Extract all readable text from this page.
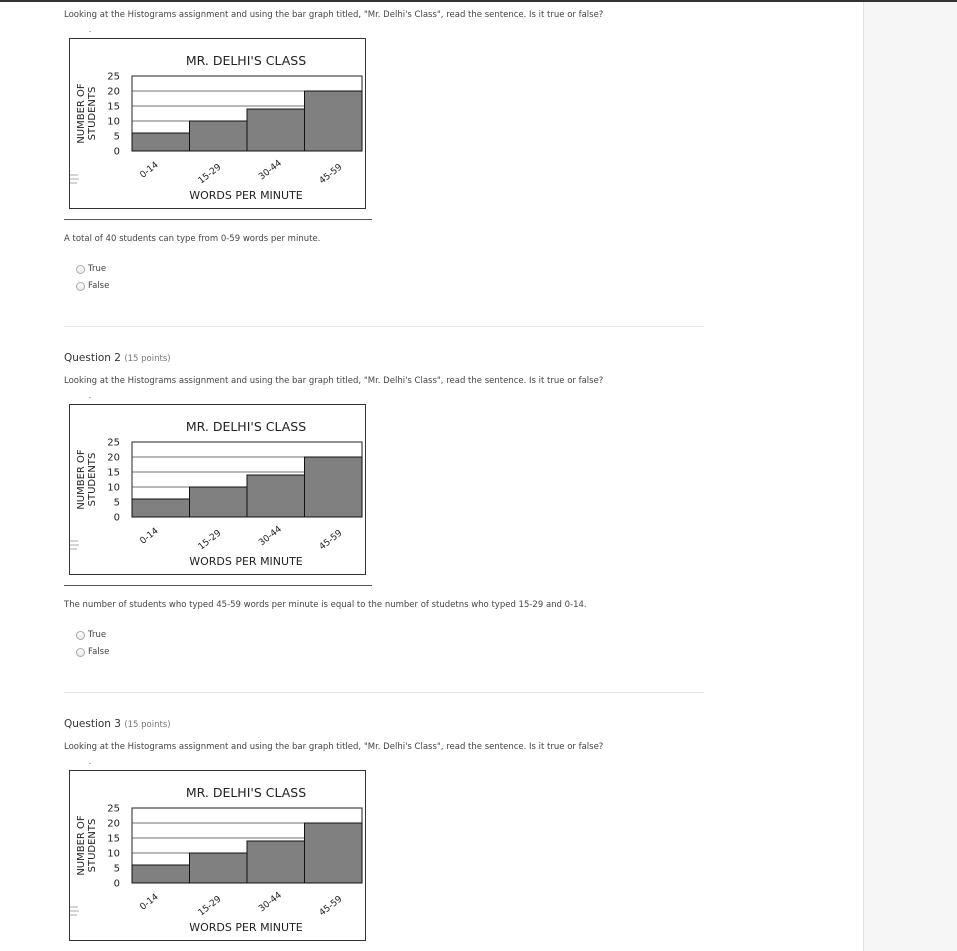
Looking at the Histograms assignment and using the bar graph titled, "Mr. Delhi's Class", read the sentence. Is it true or false?
MR. DELHI'S CLASS
25
20
15
10
5
0
NUMBER OF STUDENTS
0-14	15-29	30-44	45-59
WORDS PER MINUTE
A total of 40 students can type from 0-59 words per minute.
True
False
Question 2 (15 points)
Looking at the Histograms assignment and using the bar graph titled, "Mr. Delhi's Class", read the sentence. Is it true or false?
MR. DELHI'S CLASS
25
20
15
10
5
0
NUMBER OF STUDENTS
0-14	15-29	30-44	45-59
WORDS PER MINUTE
The number of students who typed 45-59 words per minute is equal to the number of studetns who typed 15-29 and 0-14.
True
False
Question 3 (15 points)
Looking at the Histograms assignment and using the bar graph titled, "Mr. Delhi's Class", read the sentence. Is it true or false?
MR. DELHI'S CLASS
25
20
15
10
5
0
NUMBER OF STUDENTS
0-14	15-29	30-44	45-59
WORDS PER MINUTE
